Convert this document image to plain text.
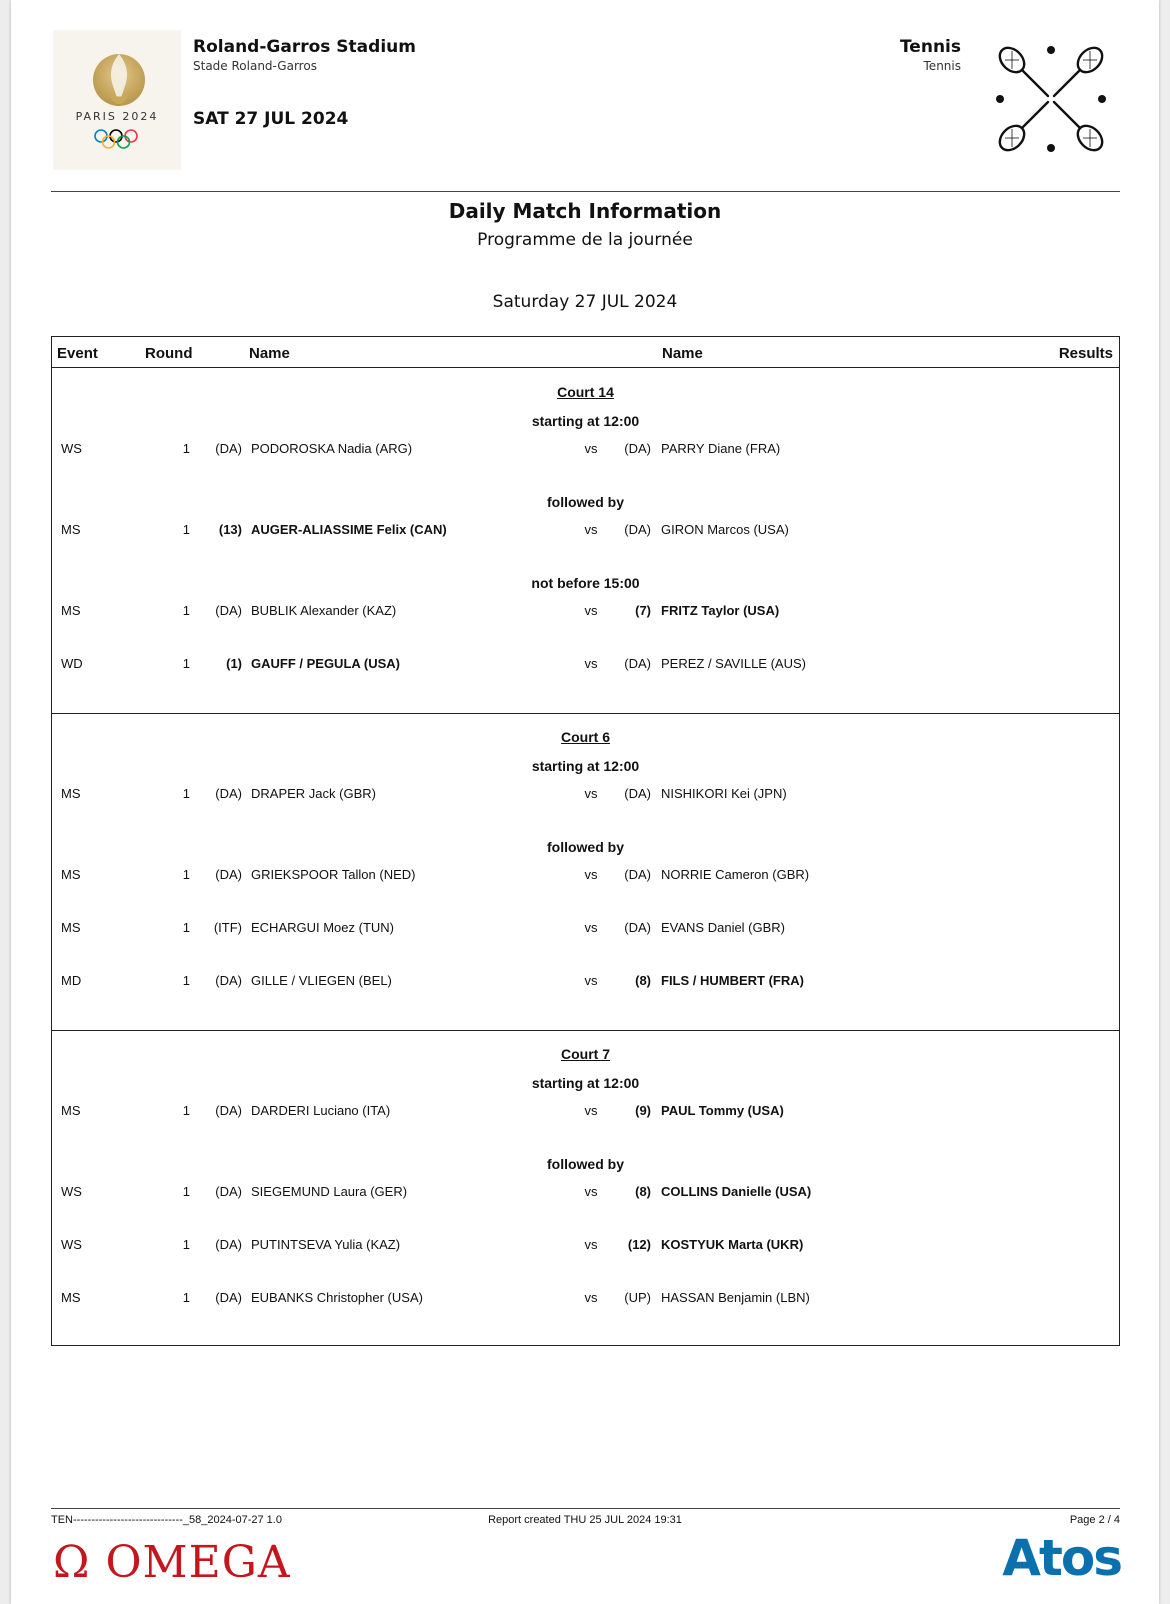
PARIS 2024
Roland-Garros Stadium
Stade Roland-Garros
SAT 27 JUL 2024
Tennis
Tennis
Daily Match Information
Programme de la journée
Saturday 27 JUL 2024
Event	Round	Name	Name	Results
Court 14
starting at 12:00
WS	1	(DA) PODOROSKA Nadia (ARG)	vs	(DA) PARRY Diane (FRA)
followed by
MS	1	(13) AUGER-ALIASSIME Felix (CAN)	vs	(DA) GIRON Marcos (USA)
not before 15:00
MS	1	(DA) BUBLIK Alexander (KAZ)	vs	(7) FRITZ Taylor (USA)
WD	1	(1) GAUFF / PEGULA (USA)	vs	(DA) PEREZ / SAVILLE (AUS)
Court 6
starting at 12:00
MS	1	(DA) DRAPER Jack (GBR)	vs	(DA) NISHIKORI Kei (JPN)
followed by
MS	1	(DA) GRIEKSPOOR Tallon (NED)	vs	(DA) NORRIE Cameron (GBR)
MS	1	(ITF) ECHARGUI Moez (TUN)	vs	(DA) EVANS Daniel (GBR)
MD	1	(DA) GILLE / VLIEGEN (BEL)	vs	(8) FILS / HUMBERT (FRA)
Court 7
starting at 12:00
MS	1	(DA) DARDERI Luciano (ITA)	vs	(9) PAUL Tommy (USA)
followed by
WS	1	(DA) SIEGEMUND Laura (GER)	vs	(8) COLLINS Danielle (USA)
WS	1	(DA) PUTINTSEVA Yulia (KAZ)	vs	(12) KOSTYUK Marta (UKR)
MS	1	(DA) EUBANKS Christopher (USA)	vs	(UP) HASSAN Benjamin (LBN)
TEN------------------------------_58_2024-07-27 1.0	Report created THU 25 JUL 2024 19:31	Page 2 / 4
Ω OMEGA	Atos
